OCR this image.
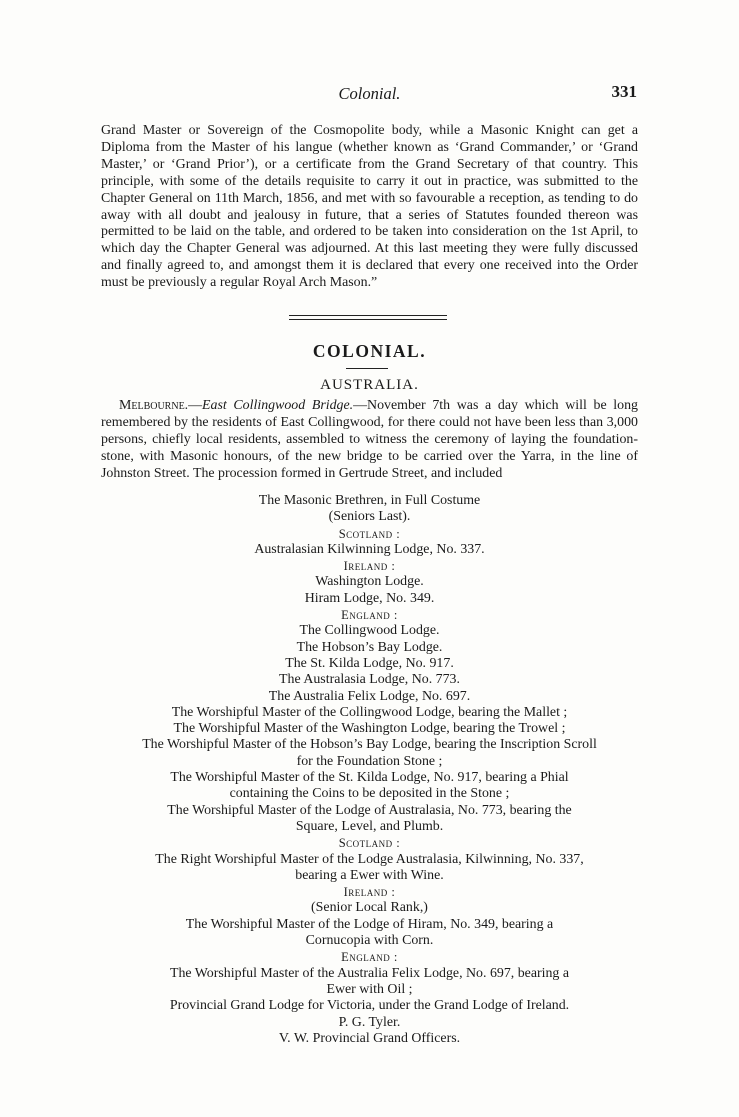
Colonial.	331

Grand Master or Sovereign of the Cosmopolite body, while a Masonic Knight can get a Diploma from the Master of his langue (whether known as ‘Grand Commander,’ or ‘Grand Master,’ or ‘Grand Prior’), or a certificate from the Grand Secretary of that country. This principle, with some of the details requisite to carry it out in practice, was submitted to the Chapter General on 11th March, 1856, and met with so favourable a reception, as tending to do away with all doubt and jealousy in future, that a series of Statutes founded thereon was permitted to be laid on the table, and ordered to be taken into consideration on the 1st April, to which day the Chapter General was adjourned. At this last meeting they were fully discussed and finally agreed to, and amongst them it is declared that every one received into the Order must be previously a regular Royal Arch Mason.”

COLONIAL.
AUSTRALIA.

Melbourne.—East Collingwood Bridge.—November 7th was a day which will be long remembered by the residents of East Collingwood, for there could not have been less than 3,000 persons, chiefly local residents, assembled to witness the ceremony of laying the foundation-stone, with Masonic honours, of the new bridge to be carried over the Yarra, in the line of Johnston Street. The procession formed in Gertrude Street, and included

The Masonic Brethren, in Full Costume
(Seniors Last).
Scotland :
Australasian Kilwinning Lodge, No. 337.
Ireland :
Washington Lodge.
Hiram Lodge, No. 349.
England :
The Collingwood Lodge.
The Hobson’s Bay Lodge.
The St. Kilda Lodge, No. 917.
The Australasia Lodge, No. 773.
The Australia Felix Lodge, No. 697.
The Worshipful Master of the Collingwood Lodge, bearing the Mallet ;
The Worshipful Master of the Washington Lodge, bearing the Trowel ;
The Worshipful Master of the Hobson’s Bay Lodge, bearing the Inscription Scroll
for the Foundation Stone ;
The Worshipful Master of the St. Kilda Lodge, No. 917, bearing a Phial
containing the Coins to be deposited in the Stone ;
The Worshipful Master of the Lodge of Australasia, No. 773, bearing the
Square, Level, and Plumb.
Scotland :
The Right Worshipful Master of the Lodge Australasia, Kilwinning, No. 337,
bearing a Ewer with Wine.
Ireland :
(Senior Local Rank,)
The Worshipful Master of the Lodge of Hiram, No. 349, bearing a
Cornucopia with Corn.
England :
The Worshipful Master of the Australia Felix Lodge, No. 697, bearing a
Ewer with Oil ;
Provincial Grand Lodge for Victoria, under the Grand Lodge of Ireland.
P. G. Tyler.
V. W. Provincial Grand Officers.
